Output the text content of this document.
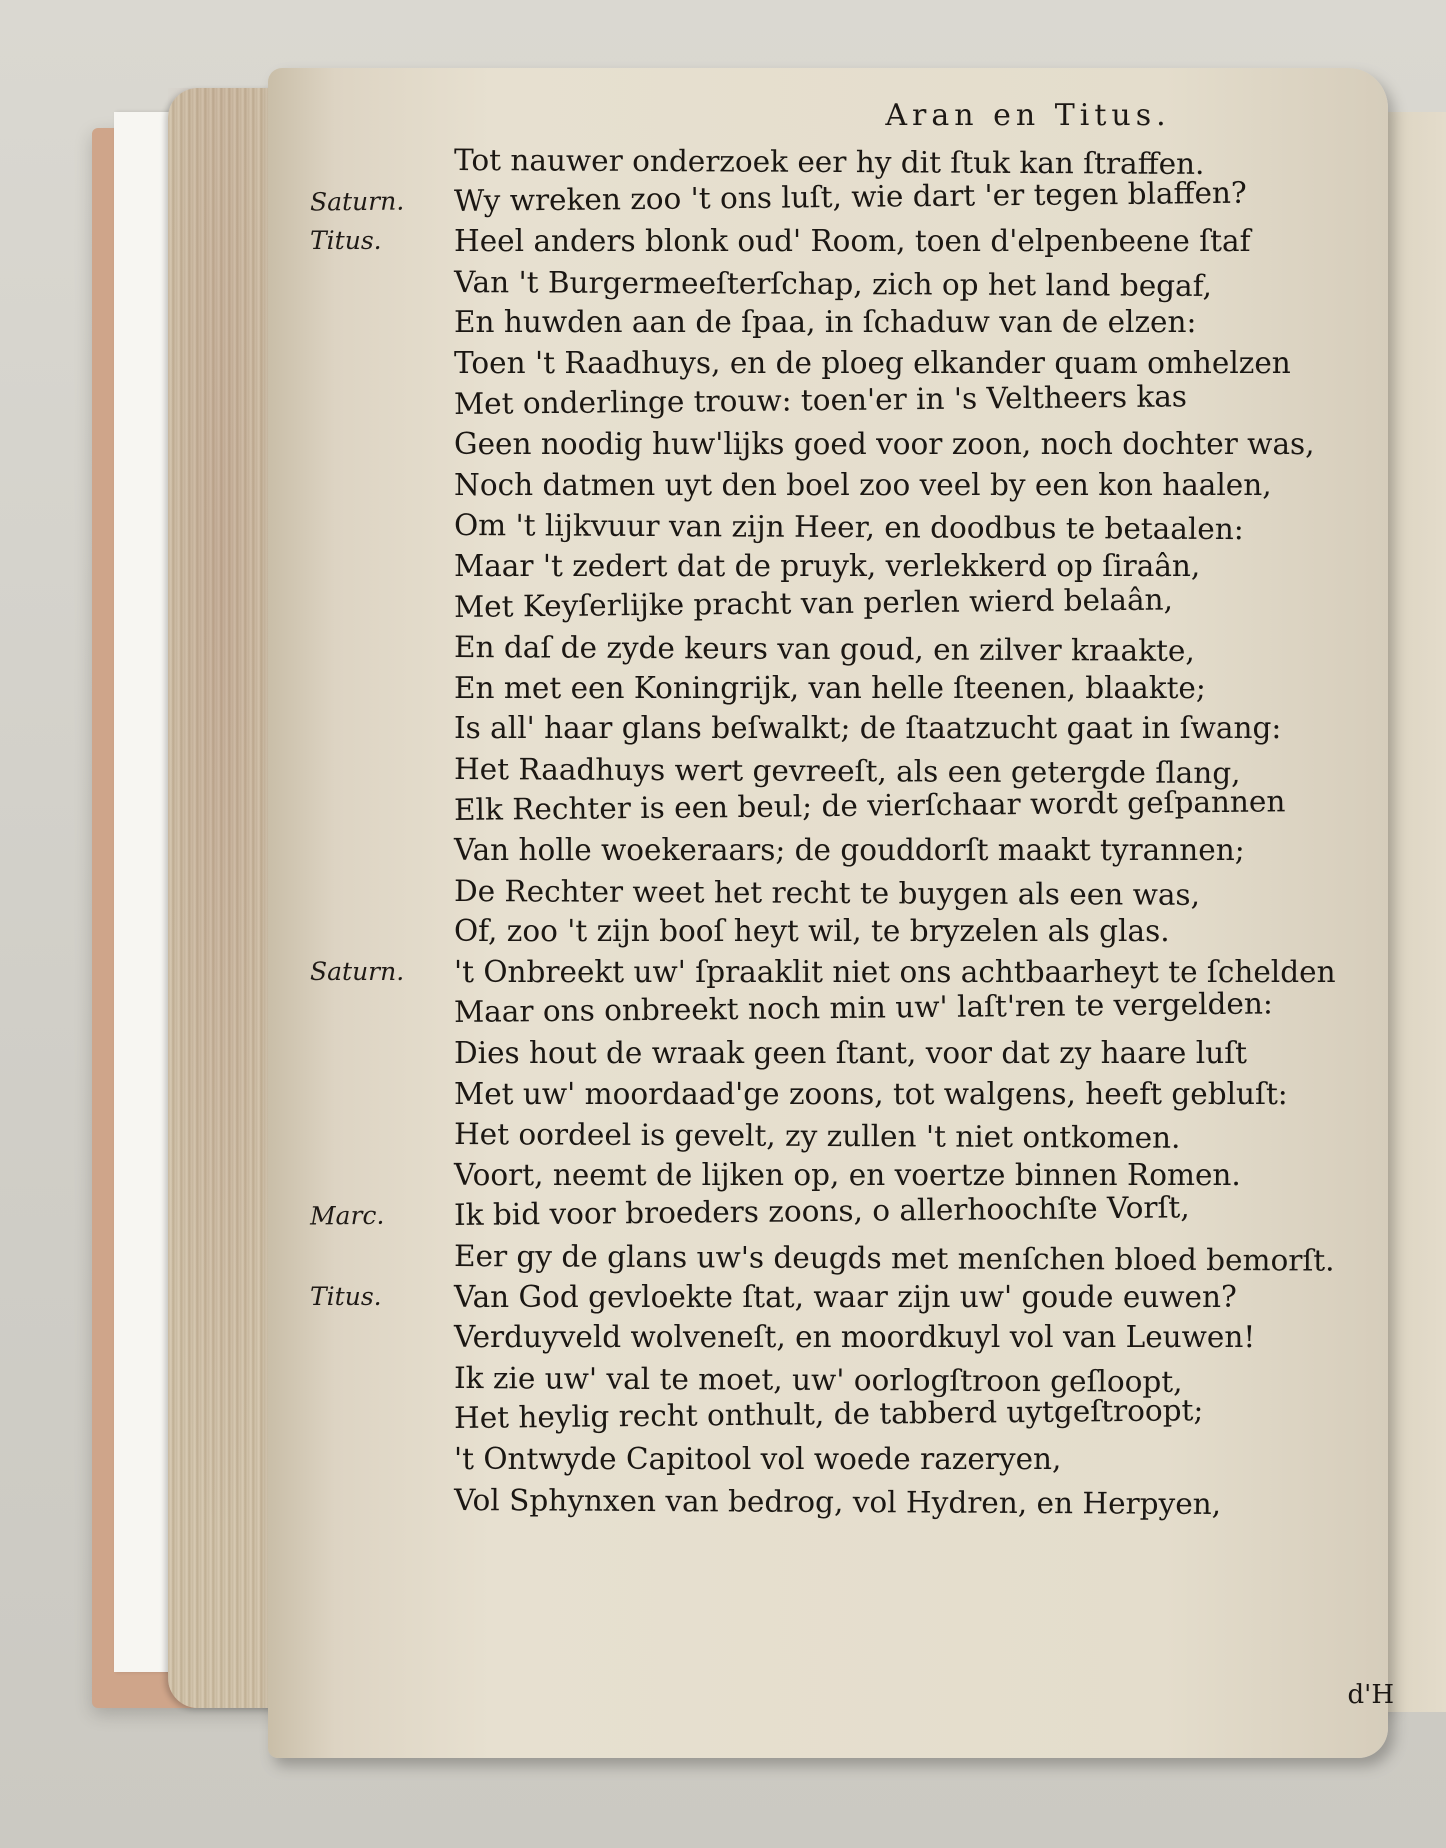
Aran en Titus.
Tot nauwer onderzoek eer hy dit ſtuk kan ſtraffen.
Saturn. Wy wreken zoo 't ons luſt, wie dart 'er tegen blaffen?
Titus. Heel anders blonk oud' Room, toen d'elpenbeene ſtaf
Van 't Burgermeeſterſchap, zich op het land begaf,
En huwden aan de ſpaa, in ſchaduw van de elzen:
Toen 't Raadhuys, en de ploeg elkander quam omhelzen
Met onderlinge trouw: toen'er in 's Veltheers kas
Geen noodig huw'lijks goed voor zoon, noch dochter was,
Noch datmen uyt den boel zoo veel by een kon haalen,
Om 't lijkvuur van zijn Heer, en doodbus te betaalen:
Maar 't zedert dat de pruyk, verlekkerd op ſiraân,
Met Keyſerlijke pracht van perlen wierd belaân,
En daſ de zyde keurs van goud, en zilver kraakte,
En met een Koningrijk, van helle ſteenen, blaakte;
Is all' haar glans beſwalkt; de ſtaatzucht gaat in ſwang:
Het Raadhuys wert gevreeſt, als een getergde ſlang,
Elk Rechter is een beul; de vierſchaar wordt geſpannen
Van holle woekeraars; de gouddorſt maakt tyrannen;
De Rechter weet het recht te buygen als een was,
Of, zoo 't zijn booſ heyt wil, te bryzelen als glas.
Saturn. 't Onbreekt uw' ſpraaklit niet ons achtbaarheyt te ſchelden
Maar ons onbreekt noch min uw' laſt'ren te vergelden:
Dies hout de wraak geen ſtant, voor dat zy haare luſt
Met uw' moordaad'ge zoons, tot walgens, heeft gebluſt:
Het oordeel is gevelt, zy zullen 't niet ontkomen.
Voort, neemt de lijken op, en voertze binnen Romen.
Marc. Ik bid voor broeders zoons, o allerhoochſte Vorſt,
Eer gy de glans uw's deugds met menſchen bloed bemorſt.
Titus. Van God gevloekte ſtat, waar zijn uw' goude euwen?
Verduyveld wolveneſt, en moordkuyl vol van Leuwen!
Ik zie uw' val te moet, uw' oorlogſtroon geſloopt,
Het heylig recht onthult, de tabberd uytgeſtroopt;
't Ontwyde Capitool vol woede razeryen,
Vol Sphynxen van bedrog, vol Hydren, en Herpyen,
d'H
